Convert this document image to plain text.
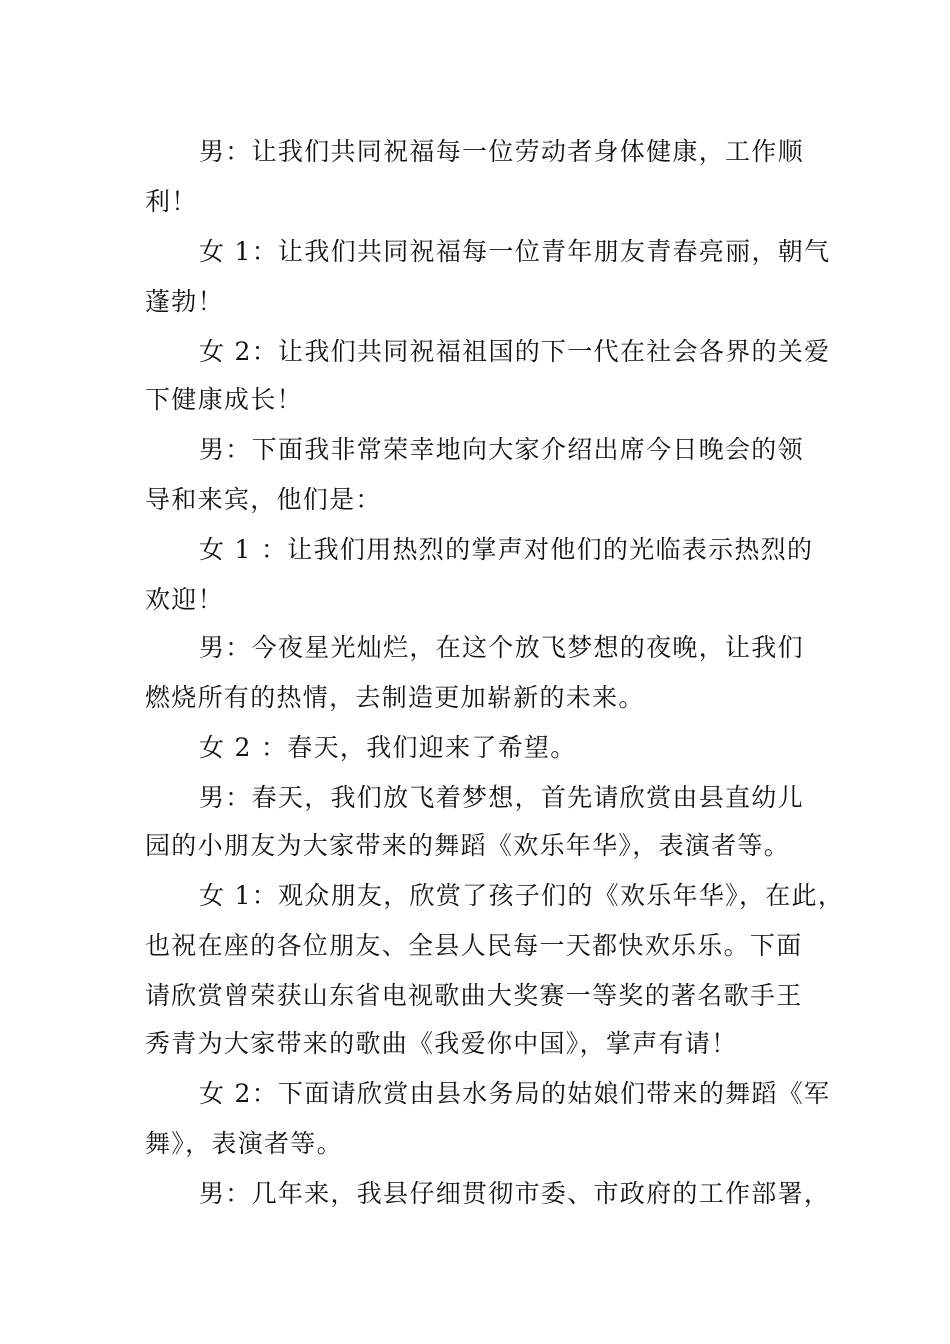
男：让我们共同祝福每一位劳动者身体健康，工作顺
利！
女 1：让我们共同祝福每一位青年朋友青春亮丽，朝气
蓬勃！
女 2：让我们共同祝福祖国的下一代在社会各界的关爱
下健康成长！
男：下面我非常荣幸地向大家介绍出席今日晚会的领
导和来宾，他们是：
女 1 ：让我们用热烈的掌声对他们的光临表示热烈的
欢迎！
男：今夜星光灿烂，在这个放飞梦想的夜晚，让我们
燃烧所有的热情，去制造更加崭新的未来。
女 2 ：春天，我们迎来了希望。
男：春天，我们放飞着梦想，首先请欣赏由县直幼儿
园的小朋友为大家带来的舞蹈《欢乐年华》，表演者等。
女 1：观众朋友，欣赏了孩子们的《欢乐年华》，在此，
也祝在座的各位朋友、全县人民每一天都快欢乐乐。下面
请欣赏曾荣获山东省电视歌曲大奖赛一等奖的著名歌手王
秀青为大家带来的歌曲《我爱你中国》，掌声有请！
女 2：下面请欣赏由县水务局的姑娘们带来的舞蹈《军
舞》，表演者等。
男：几年来，我县仔细贯彻市委、市政府的工作部署，
